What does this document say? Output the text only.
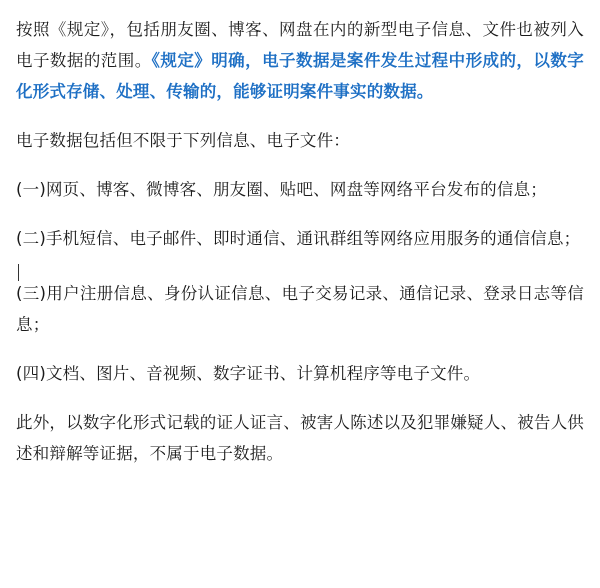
按照《规定》，包括朋友圈、博客、网盘在内的新型电子信息、文件也被列入电子数据的范围。《规定》明确，电子数据是案件发生过程中形成的，以数字化形式存储、处理、传输的，能够证明案件事实的数据。

电子数据包括但不限于下列信息、电子文件：

(一)网页、博客、微博客、朋友圈、贴吧、网盘等网络平台发布的信息；

(二)手机短信、电子邮件、即时通信、通讯群组等网络应用服务的通信信息；

(三)用户注册信息、身份认证信息、电子交易记录、通信记录、登录日志等信息；

(四)文档、图片、音视频、数字证书、计算机程序等电子文件。

此外，以数字化形式记载的证人证言、被害人陈述以及犯罪嫌疑人、被告人供述和辩解等证据，不属于电子数据。
